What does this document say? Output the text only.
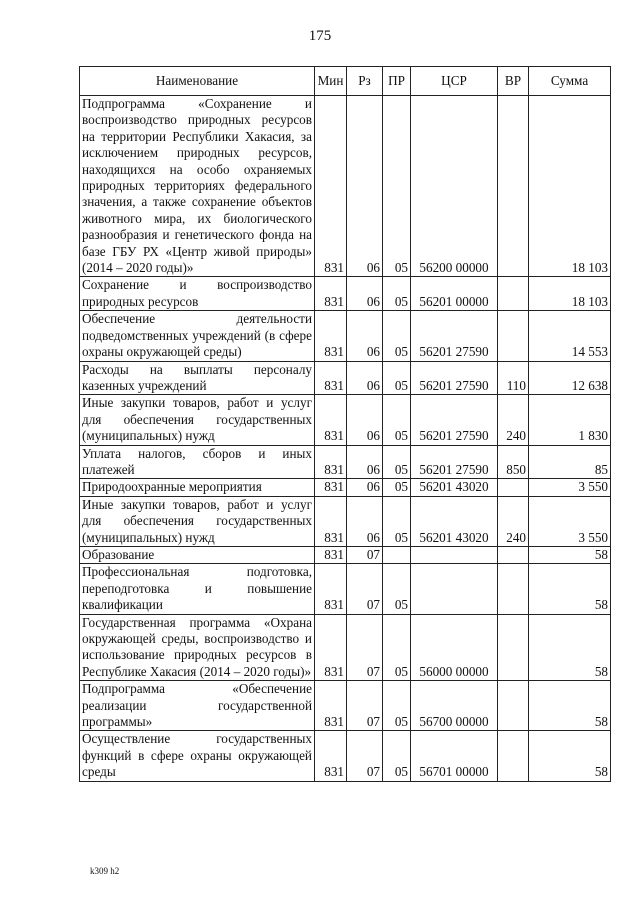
175
Наименование	Мин	Рз	ПР	ЦСР	ВР	Сумма
Подпрограмма «Сохранение и воспроизводство природных ресурсов на территории Республики Хакасия, за исключением природных ресурсов, находящихся на особо охраняемых природных территориях федерального значения, а также сохранение объектов животного мира, их биологического разнообразия и генетического фонда на базе ГБУ РХ «Центр живой природы» (2014 – 2020 годы)»	831	06	05	56200 00000		18 103
Сохранение и воспроизводство природных ресурсов	831	06	05	56201 00000		18 103
Обеспечение деятельности подведомственных учреждений (в сфере охраны окружающей среды)	831	06	05	56201 27590		14 553
Расходы на выплаты персоналу казенных учреждений	831	06	05	56201 27590	110	12 638
Иные закупки товаров, работ и услуг для обеспечения государственных (муниципальных) нужд	831	06	05	56201 27590	240	1 830
Уплата налогов, сборов и иных платежей	831	06	05	56201 27590	850	85
Природоохранные мероприятия	831	06	05	56201 43020		3 550
Иные закупки товаров, работ и услуг для обеспечения государственных (муниципальных) нужд	831	06	05	56201 43020	240	3 550
Образование	831	07				58
Профессиональная подготовка, переподготовка и повышение квалификации	831	07	05			58
Государственная программа «Охрана окружающей среды, воспроизводство и использование природных ресурсов в Республике Хакасия (2014 – 2020 годы)»	831	07	05	56000 00000		58
Подпрограмма «Обеспечение реализации государственной программы»	831	07	05	56700 00000		58
Осуществление государственных функций в сфере охраны окружающей среды	831	07	05	56701 00000		58
k309 h2
